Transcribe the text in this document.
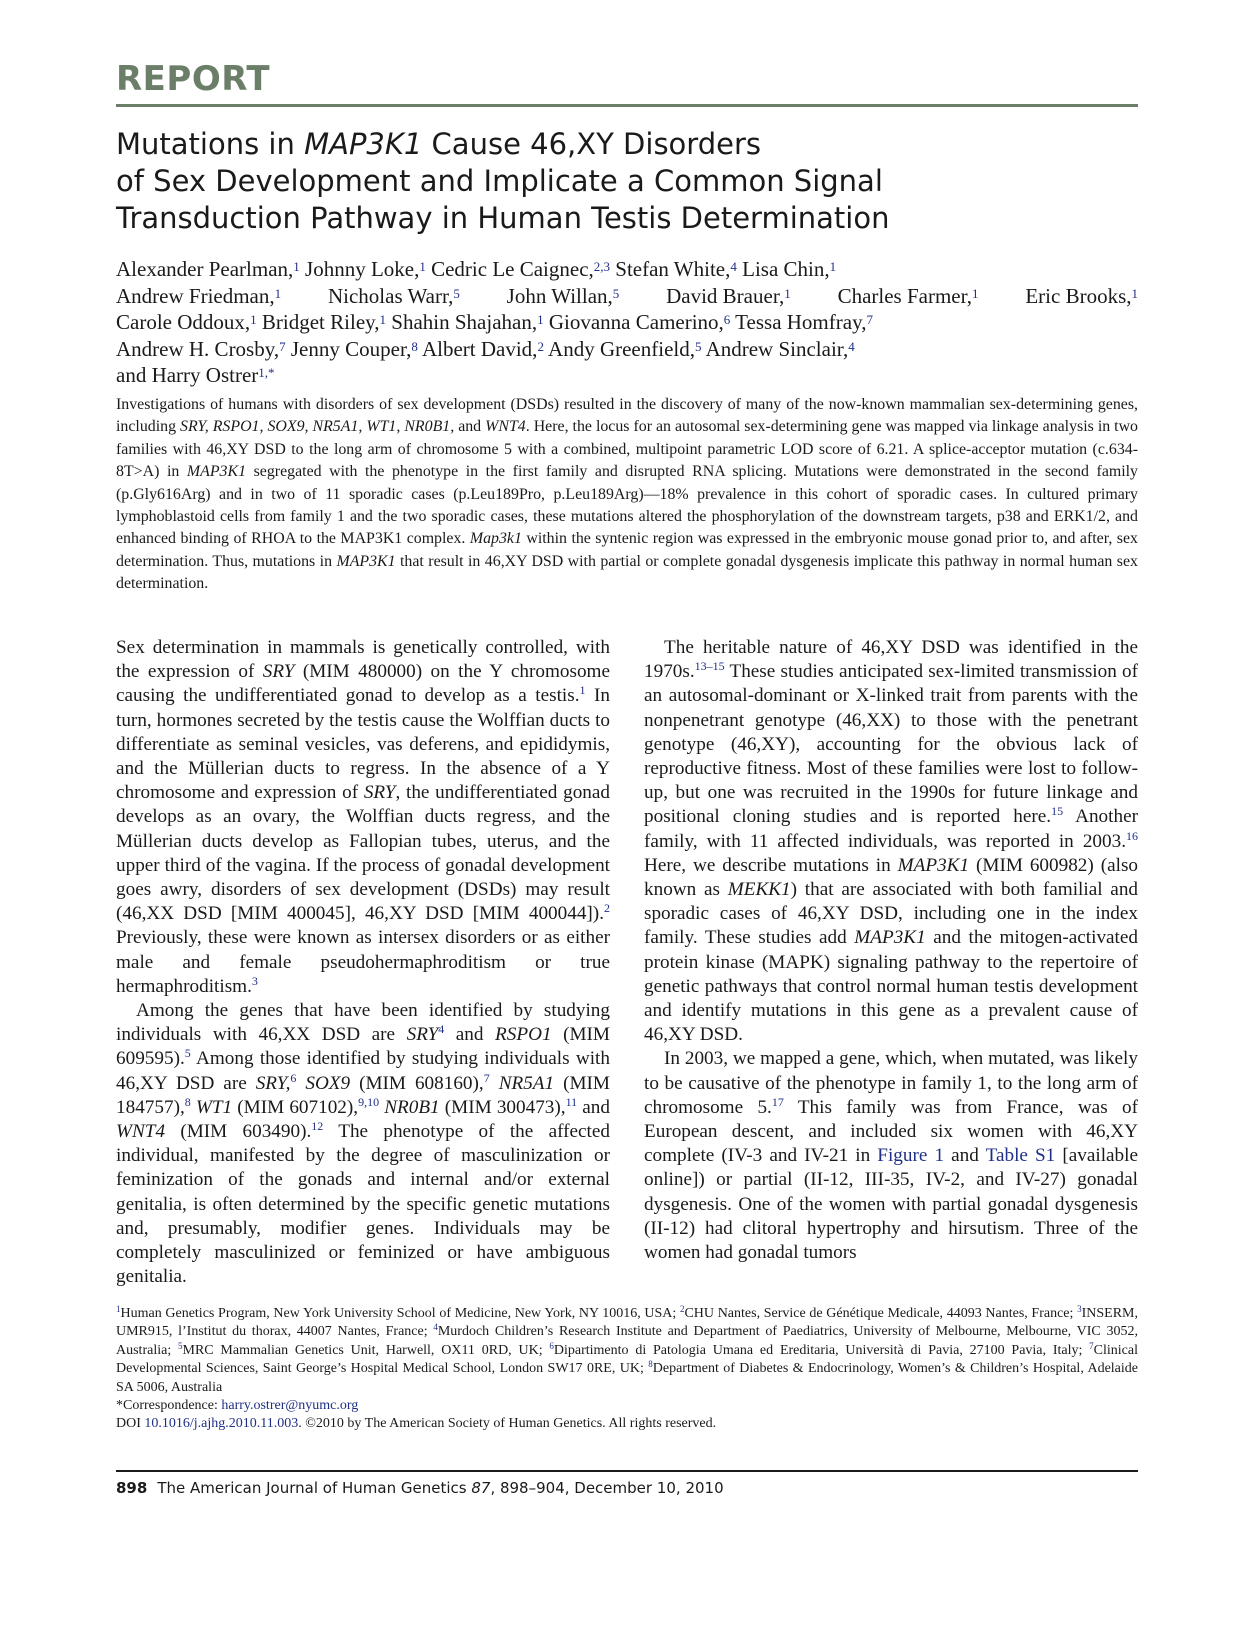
REPORT
Mutations in MAP3K1 Cause 46,XY Disorders
of Sex Development and Implicate a Common Signal
Transduction Pathway in Human Testis Determination
Alexander Pearlman,$^1$ Johnny Loke,$^1$ Cedric Le Caignec,$^{2,3}$ Stefan White,$^4$ Lisa Chin,$^1$
Andrew Friedman,$^1$ Nicholas Warr,$^5$ John Willan,$^5$ David Brauer,$^1$ Charles Farmer,$^1$ Eric Brooks,$^1$
Carole Oddoux,$^1$ Bridget Riley,$^1$ Shahin Shajahan,$^1$ Giovanna Camerino,$^6$ Tessa Homfray,$^7$
Andrew H. Crosby,$^7$ Jenny Couper,$^8$ Albert David,$^2$ Andy Greenfield,$^5$ Andrew Sinclair,$^4$
and Harry Ostrer$^{1,*}$

Investigations of humans with disorders of sex development (DSDs) resulted in the discovery of many of the now-known mammalian sex-determining genes, including SRY, RSPO1, SOX9, NR5A1, WT1, NR0B1, and WNT4. Here, the locus for an autosomal sex-determining gene was mapped via linkage analysis in two families with 46,XY DSD to the long arm of chromosome 5 with a combined, multipoint parametric LOD score of 6.21. A splice-acceptor mutation (c.634-8T>A) in MAP3K1 segregated with the phenotype in the first family and disrupted RNA splicing. Mutations were demonstrated in the second family (p.Gly616Arg) and in two of 11 sporadic cases (p.Leu189Pro, p.Leu189Arg)—18% prevalence in this cohort of sporadic cases. In cultured primary lymphoblastoid cells from family 1 and the two sporadic cases, these mutations altered the phosphorylation of the downstream targets, p38 and ERK1/2, and enhanced binding of RHOA to the MAP3K1 complex. Map3k1 within the syntenic region was expressed in the embryonic mouse gonad prior to, and after, sex determination. Thus, mutations in MAP3K1 that result in 46,XY DSD with partial or complete gonadal dysgenesis implicate this pathway in normal human sex determination.

Sex determination in mammals is genetically controlled, with the expression of SRY (MIM 480000) on the Y chromosome causing the undifferentiated gonad to develop as a testis.$^1$ In turn, hormones secreted by the testis cause the Wolffian ducts to differentiate as seminal vesicles, vas deferens, and epididymis, and the Müllerian ducts to regress. In the absence of a Y chromosome and expression of SRY, the undifferentiated gonad develops as an ovary, the Wolffian ducts regress, and the Müllerian ducts develop as Fallopian tubes, uterus, and the upper third of the vagina. If the process of gonadal development goes awry, disorders of sex development (DSDs) may result (46,XX DSD [MIM 400045], 46,XY DSD [MIM 400044]).$^2$ Previously, these were known as intersex disorders or as either male and female pseudohermaphroditism or true hermaphroditism.$^3$

Among the genes that have been identified by studying individuals with 46,XX DSD are SRY$^4$ and RSPO1 (MIM 609595).$^5$ Among those identified by studying individuals with 46,XY DSD are SRY,$^6$ SOX9 (MIM 608160),$^7$ NR5A1 (MIM 184757),$^8$ WT1 (MIM 607102),$^{9,10}$ NR0B1 (MIM 300473),$^{11}$ and WNT4 (MIM 603490).$^{12}$ The phenotype of the affected individual, manifested by the degree of masculinization or feminization of the gonads and internal and/or external genitalia, is often determined by the specific genetic mutations and, presumably, modifier genes. Individuals may be completely masculinized or feminized or have ambiguous genitalia.

The heritable nature of 46,XY DSD was identified in the 1970s.$^{13-15}$ These studies anticipated sex-limited transmission of an autosomal-dominant or X-linked trait from parents with the nonpenetrant genotype (46,XX) to those with the penetrant genotype (46,XY), accounting for the obvious lack of reproductive fitness. Most of these families were lost to follow-up, but one was recruited in the 1990s for future linkage and positional cloning studies and is reported here.$^{15}$ Another family, with 11 affected individuals, was reported in 2003.16 Here, we describe mutations in MAP3K1 (MIM 600982) (also known as MEKK1) that are associated with both familial and sporadic cases of 46,XY DSD, including one in the index family. These studies add MAP3K1 and the mitogen-activated protein kinase (MAPK) signaling pathway to the repertoire of genetic pathways that control normal human testis development and identify mutations in this gene as a prevalent cause of 46,XY DSD.

In 2003, we mapped a gene, which, when mutated, was likely to be causative of the phenotype in family 1, to the long arm of chromosome 5.17 This family was from France, was of European descent, and included six women with 46,XY complete (IV-3 and IV-21 in Figure 1 and Table S1 [available online]) or partial (II-12, III-35, IV-2, and IV-27) gonadal dysgenesis. One of the women with partial gonadal dysgenesis (II-12) had clitoral hypertrophy and hirsutism. Three of the women had gonadal tumors

$^1$Human Genetics Program, New York University School of Medicine, New York, NY 10016, USA; $^2$CHU Nantes, Service de Génétique Medicale, 44093 Nantes, France; $^3$INSERM, UMR915, l’Institut du thorax, 44007 Nantes, France; $^4$Murdoch Children’s Research Institute and Department of Paediatrics, University of Melbourne, Melbourne, VIC 3052, Australia; $^5$MRC Mammalian Genetics Unit, Harwell, OX11 0RD, UK; $^6$Dipartimento di Patologia Umana ed Ereditaria, Università di Pavia, 27100 Pavia, Italy; $^7$Clinical Developmental Sciences, Saint George’s Hospital Medical School, London SW17 0RE, UK; $^8$Department of Diabetes & Endocrinology, Women’s & Children’s Hospital, Adelaide SA 5006, Australia

*Correspondence: harry.ostrer@nyumc.org

DOI 10.1016/j.ajhg.2010.11.003. ©2010 by The American Society of Human Genetics. All rights reserved.

898 The American Journal of Human Genetics 87, 898–904, December 10, 2010
